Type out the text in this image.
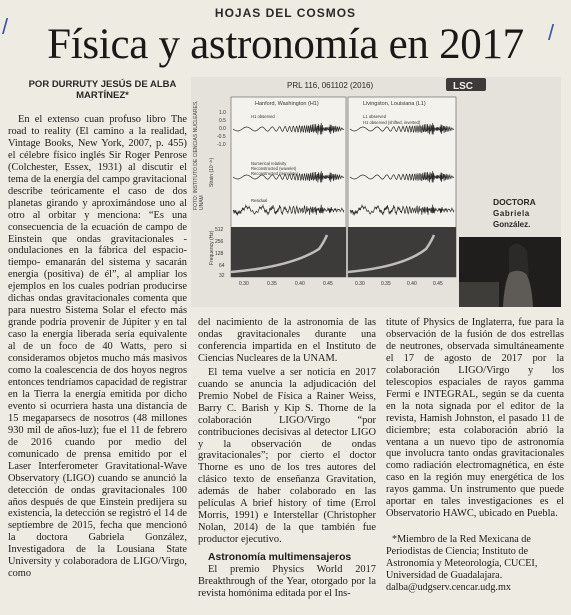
/	/
HOJAS DEL COSMOS
Física y astronomía en 2017
POR DURRUTY JESÚS DE ALBA
MARTÍNEZ*
PRL 116, 061102 (2016)	LSC
Hanford, Washington (H1)	Livingston, Louisiana (L1)
1.0
0.5
0.0
-0.5
-1.0
Strain (10⁻²¹)
Frequency (Hz)
H1 observed	L1 observed
H1 observed (shifted, inverted)
Numerical relativity
Reconstructed (wavelet)
Reconstructed (template)
Residual
512
256
128
64
32
0.30	0.35	0.40	0.45	0.30	0.35	0.40	0.45
DOCTORA
Gabriela
González.
FOTO: INSTITUTO DE CIENCIAS NUCLEARES, UNAM

En el extenso cuan profuso libro The road to reality (El camino a la realidad, Vintage Books, New York, 2007, p. 455) el célebre físico inglés Sir Roger Penrose (Colchester, Essex, 1931) al discutir el tema de la energía del campo gravitacional describe teóricamente el caso de dos planetas girando y aproximándose uno al otro al orbitar y menciona: “Es una consecuencia de la ecuación de campo de Einstein que ondas gravitacionales -ondulaciones en la fábrica del espacio-tiempo- emanarán del sistema y sacarán energía (positiva) de él”, al ampliar los ejemplos en los cuales podrían producirse dichas ondas gravitacionales comenta que para nuestro Sistema Solar el efecto más grande podría provenir de Júpiter y en tal caso la energía liberada sería equivalente al de un foco de 40 Watts, pero si consideramos objetos mucho más masivos como la coalescencia de dos hoyos negros entonces tendríamos capacidad de registrar en la Tierra la energía emitida por dicho evento si ocurriera hasta una distancia de 15 megaparsecs de nosotros (48 millones 930 mil de años-luz); fue el 11 de febrero de 2016 cuando por medio del comunicado de prensa emitido por el Laser Interferometer Gravitational-Wave Observatory (LIGO) cuando se anunció la detección de ondas gravitacionales 100 años después de que Einstein predijera su existencia, la detección se registró el 14 de septiembre de 2015, fecha que mencionó la doctora Gabriela González, Investigadora de la Lousiana State University y colaboradora de LIGO/Virgo, como

del nacimiento de la astronomía de las ondas gravitacionales durante una conferencia impartida en el Instituto de Ciencias Nucleares de la UNAM.

El tema vuelve a ser noticia en 2017 cuando se anuncia la adjudicación del Premio Nobel de Física a Rainer Weiss, Barry C. Barish y Kip S. Thorne de la colaboración LIGO/Virgo “por contribuciones decisivas al detector LIGO y la observación de ondas gravitacionales”; por cierto el doctor Thorne es uno de los tres autores del clásico texto de enseñanza Gravitation, además de haber colaborado en las películas A brief history of time (Errol Morris, 1991) e Interstellar (Christopher Nolan, 2014) de la que también fue productor ejecutivo.

Astronomía multimensajeros

El premio Physics World 2017 Breakthrough of the Year, otorgado por la revista homónima editada por el Ins-

titute of Physics de Inglaterra, fue para la observación de la fusión de dos estrellas de neutrones, observada simultáneamente el 17 de agosto de 2017 por la colaboración LIGO/Virgo y los telescopios espaciales de rayos gamma Fermi e INTEGRAL, según se da cuenta en la nota signada por el editor de la revista, Hamish Johnston, el pasado 11 de diciembre; esta colaboración abrió la ventana a un nuevo tipo de astronomía que involucra tanto ondas gravitacionales como radiación electromagnética, en éste caso en la región muy energética de los rayos gamma. Un instrumento que puede aportar en tales investigaciones es el Observatorio HAWC, ubicado en Puebla.

*Miembro de la Red Mexicana de Periodistas de Ciencia; Instituto de Astronomía y Meteorología, CUCEI, Universidad de Guadalajara. dalba@udgserv.cencar.udg.mx
